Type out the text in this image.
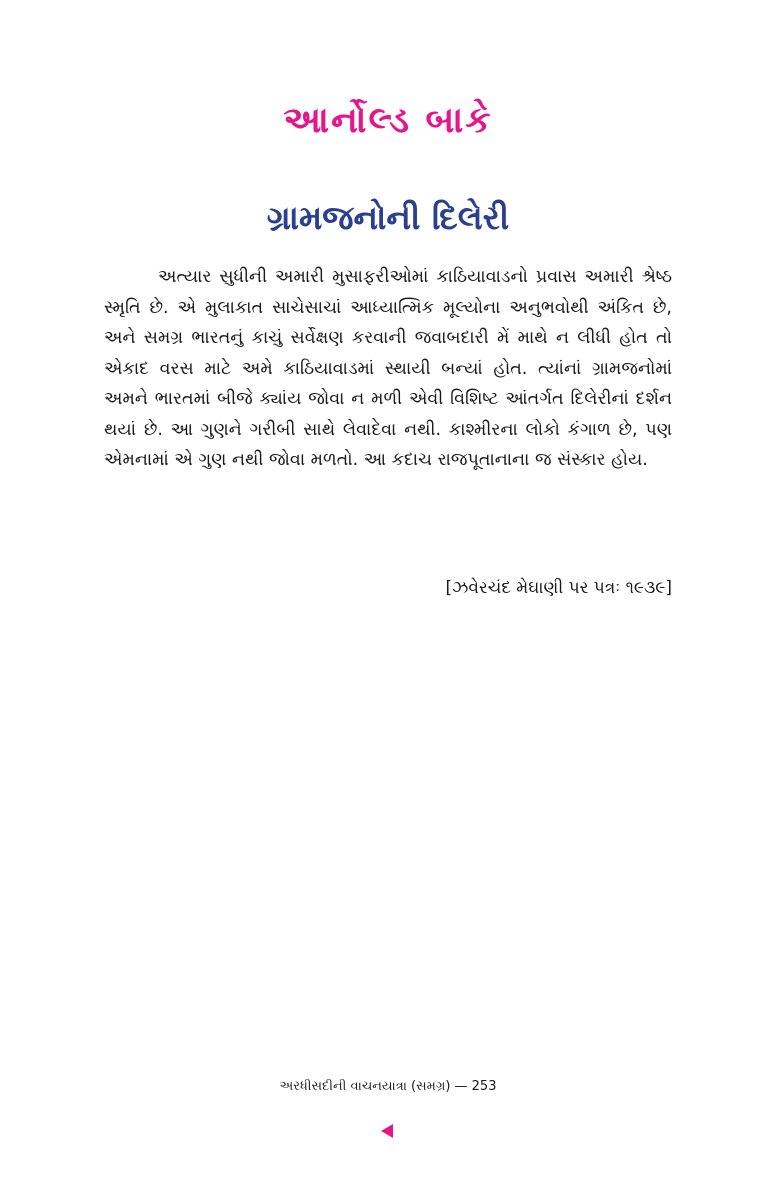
આર્નોલ્ડ બાકે
ગ્રામજનોની દિલેરી

અત્યાર સુધીની અમારી મુસાફરીઓમાં કાઠિયાવાડનો પ્રવાસ અમારી શ્રેષ્ઠ સ્મૃતિ છે. એ મુલાકાત સાચેસાચાં આધ્યાત્મિક મૂલ્યોના અનુભવોથી અંકિત છે, અને સમગ્ર ભારતનું કાચું સર્વેક્ષણ કરવાની જવાબદારી મેં માથે ન લીધી હોત તો એકાદ વરસ માટે અમે કાઠિયાવાડમાં સ્થાયી બન્યાં હોત. ત્યાંનાં ગ્રામજનોમાં અમને ભારતમાં બીજે ક્યાંય જોવા ન મળી એવી વિશિષ્ટ આંતર્ગત દિલેરીનાં દર્શન થયાં છે. આ ગુણને ગરીબી સાથે લેવાદેવા નથી. કાશ્મીરના લોકો કંગાળ છે, પણ એમનામાં એ ગુણ નથી જોવા મળતો. આ કદાચ રાજપૂતાનાના જ સંસ્કાર હોય.

[ઝવેરચંદ મેઘાણી પર પત્રઃ ૧૯૩૯]
અરધીસદીની વાચનયાત્રા (સમગ્ર) — 253
